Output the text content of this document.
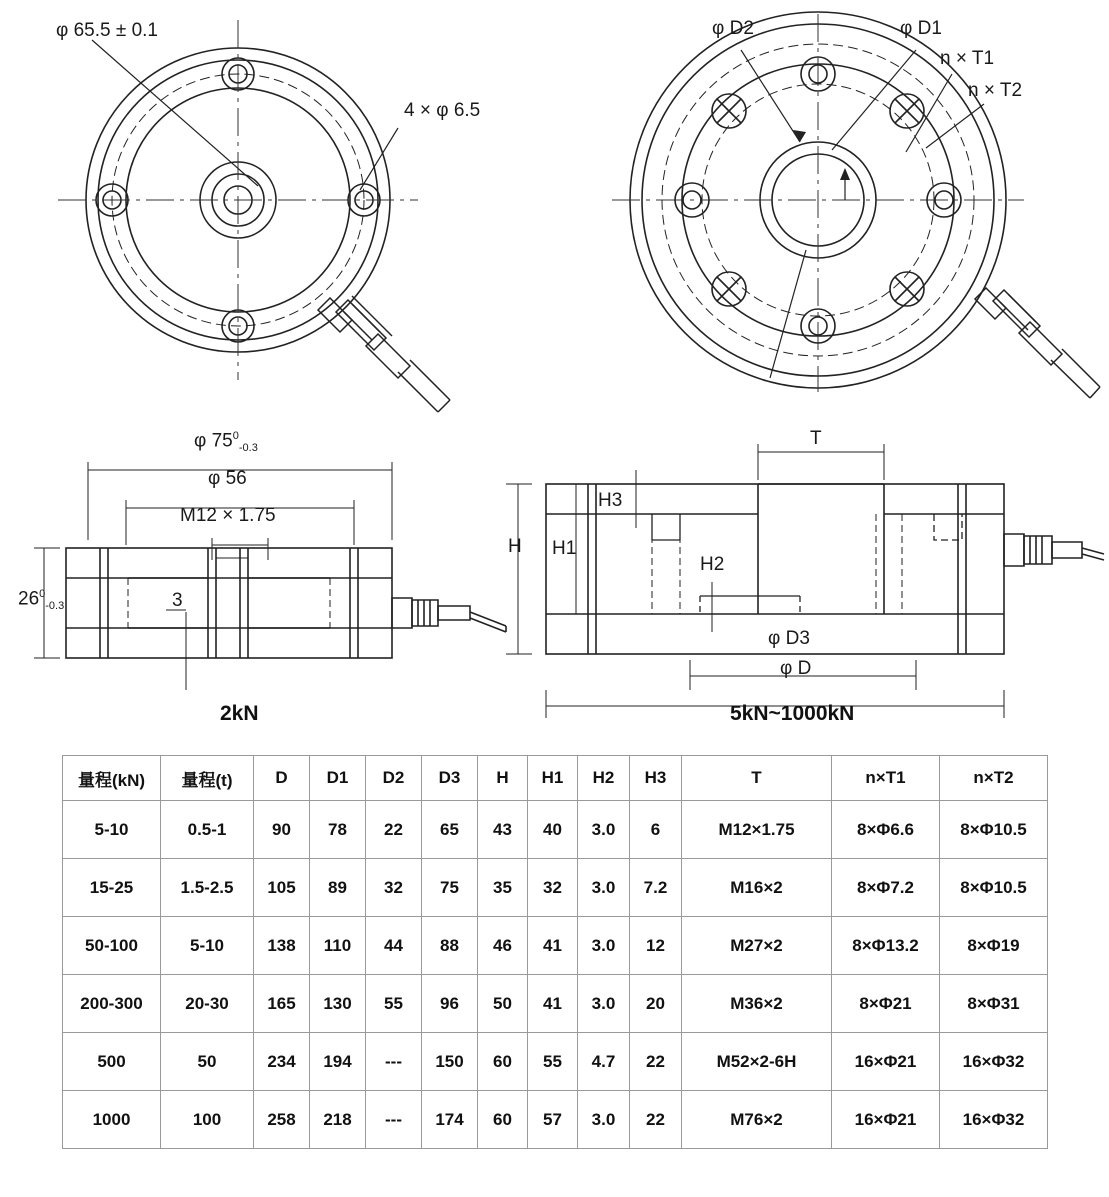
φ 65.5 ± 0.1
4 × φ 6.5
φ D2	φ D1
n × T1
n × T2
φ $75^0_{-0.3}$
φ 56
M12 × 1.75
$26^0_{-0.3}$	3
T
H H1
H2
H3
φ D3
φ D
2kN	5kN~1000kN
量程(kN)	量程(t)	D	D1	D2	D3	H	H1	H2	H3	T	n×T1	n×T2
5-10	0.5-1	90	78	22	65	43	40	3.0	6	M12×1.75	8×Φ6.6	8×Φ10.5
15-25	1.5-2.5	105	89	32	75	35	32	3.0	7.2	M16×2	8×Φ7.2	8×Φ10.5
50-100	5-10	138	110	44	88	46	41	3.0	12	M27×2	8×Φ13.2	8×Φ19
200-300	20-30	165	130	55	96	50	41	3.0	20	M36×2	8×Φ21	8×Φ31
500	50	234	194	---	150	60	55	4.7	22	M52×2-6H	16×Φ21	16×Φ32
1000	100	258	218	---	174	60	57	3.0	22	M76×2	16×Φ21	16×Φ32
